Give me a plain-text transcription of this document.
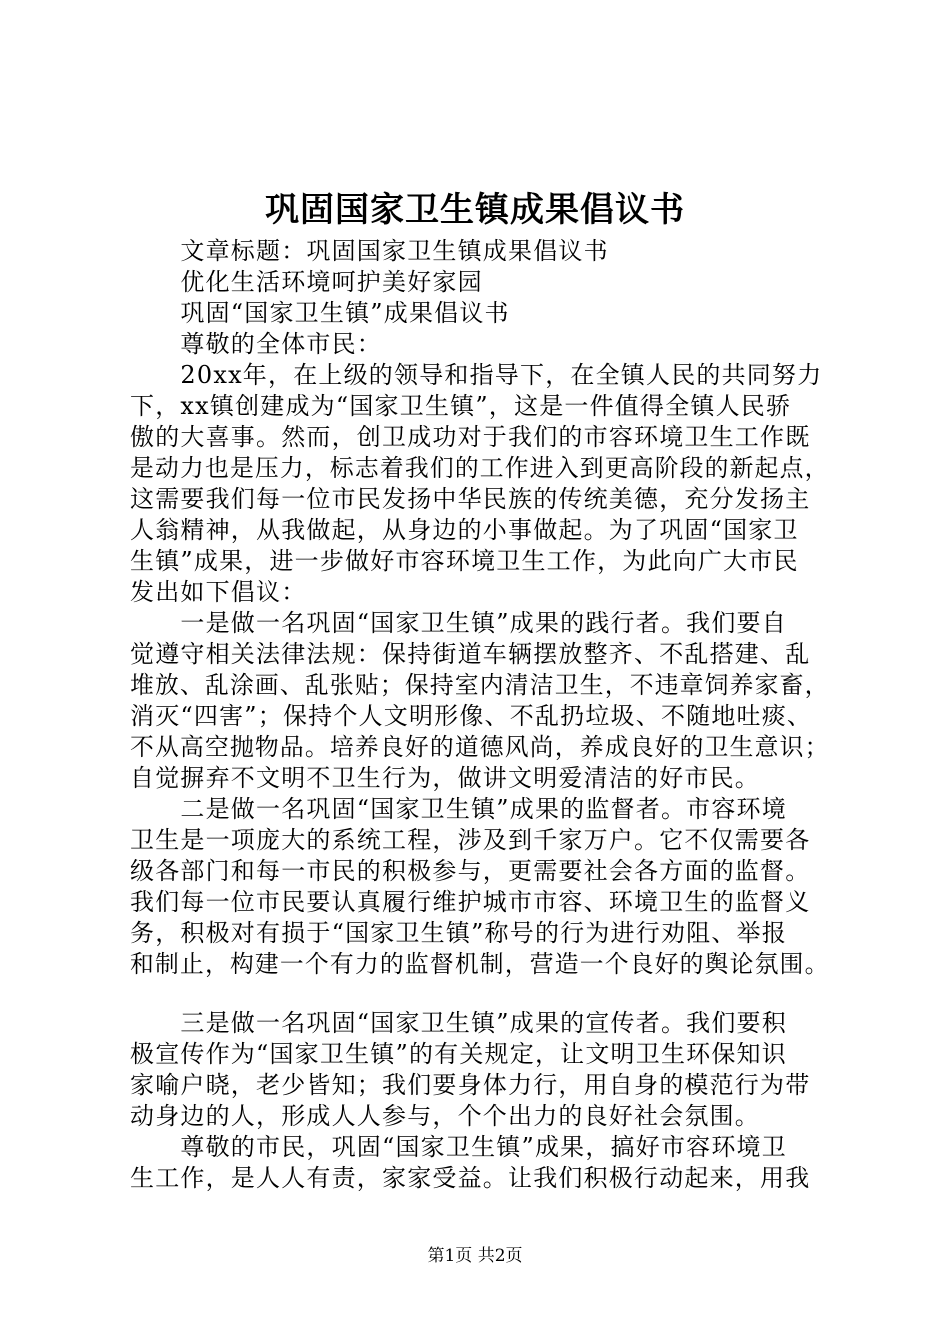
巩固国家卫生镇成果倡议书
　　文章标题：巩固国家卫生镇成果倡议书
　　优化生活环境呵护美好家园
　　巩固“国家卫生镇”成果倡议书
　　尊敬的全体市民：
　　20xx年，在上级的领导和指导下，在全镇人民的共同努力
下，xx镇创建成为“国家卫生镇”，这是一件值得全镇人民骄
傲的大喜事。然而，创卫成功对于我们的市容环境卫生工作既
是动力也是压力，标志着我们的工作进入到更高阶段的新起点，
这需要我们每一位市民发扬中华民族的传统美德，充分发扬主
人翁精神，从我做起，从身边的小事做起。为了巩固“国家卫
生镇”成果，进一步做好市容环境卫生工作，为此向广大市民
发出如下倡议：
　　一是做一名巩固“国家卫生镇”成果的践行者。我们要自
觉遵守相关法律法规：保持街道车辆摆放整齐、不乱搭建、乱
堆放、乱涂画、乱张贴；保持室内清洁卫生，不违章饲养家畜，
消灭“四害”；保持个人文明形像、不乱扔垃圾、不随地吐痰、
不从高空抛物品。培养良好的道德风尚，养成良好的卫生意识；
自觉摒弃不文明不卫生行为，做讲文明爱清洁的好市民。
　　二是做一名巩固“国家卫生镇”成果的监督者。市容环境
卫生是一项庞大的系统工程，涉及到千家万户。它不仅需要各
级各部门和每一市民的积极参与，更需要社会各方面的监督。
我们每一位市民要认真履行维护城市市容、环境卫生的监督义
务，积极对有损于“国家卫生镇”称号的行为进行劝阻、举报
和制止，构建一个有力的监督机制，营造一个良好的舆论氛围。
　　三是做一名巩固“国家卫生镇”成果的宣传者。我们要积
极宣传作为“国家卫生镇”的有关规定，让文明卫生环保知识
家喻户晓，老少皆知；我们要身体力行，用自身的模范行为带
动身边的人，形成人人参与，个个出力的良好社会氛围。
　　尊敬的市民，巩固“国家卫生镇”成果，搞好市容环境卫
生工作，是人人有责，家家受益。让我们积极行动起来，用我
第1页 共2页
